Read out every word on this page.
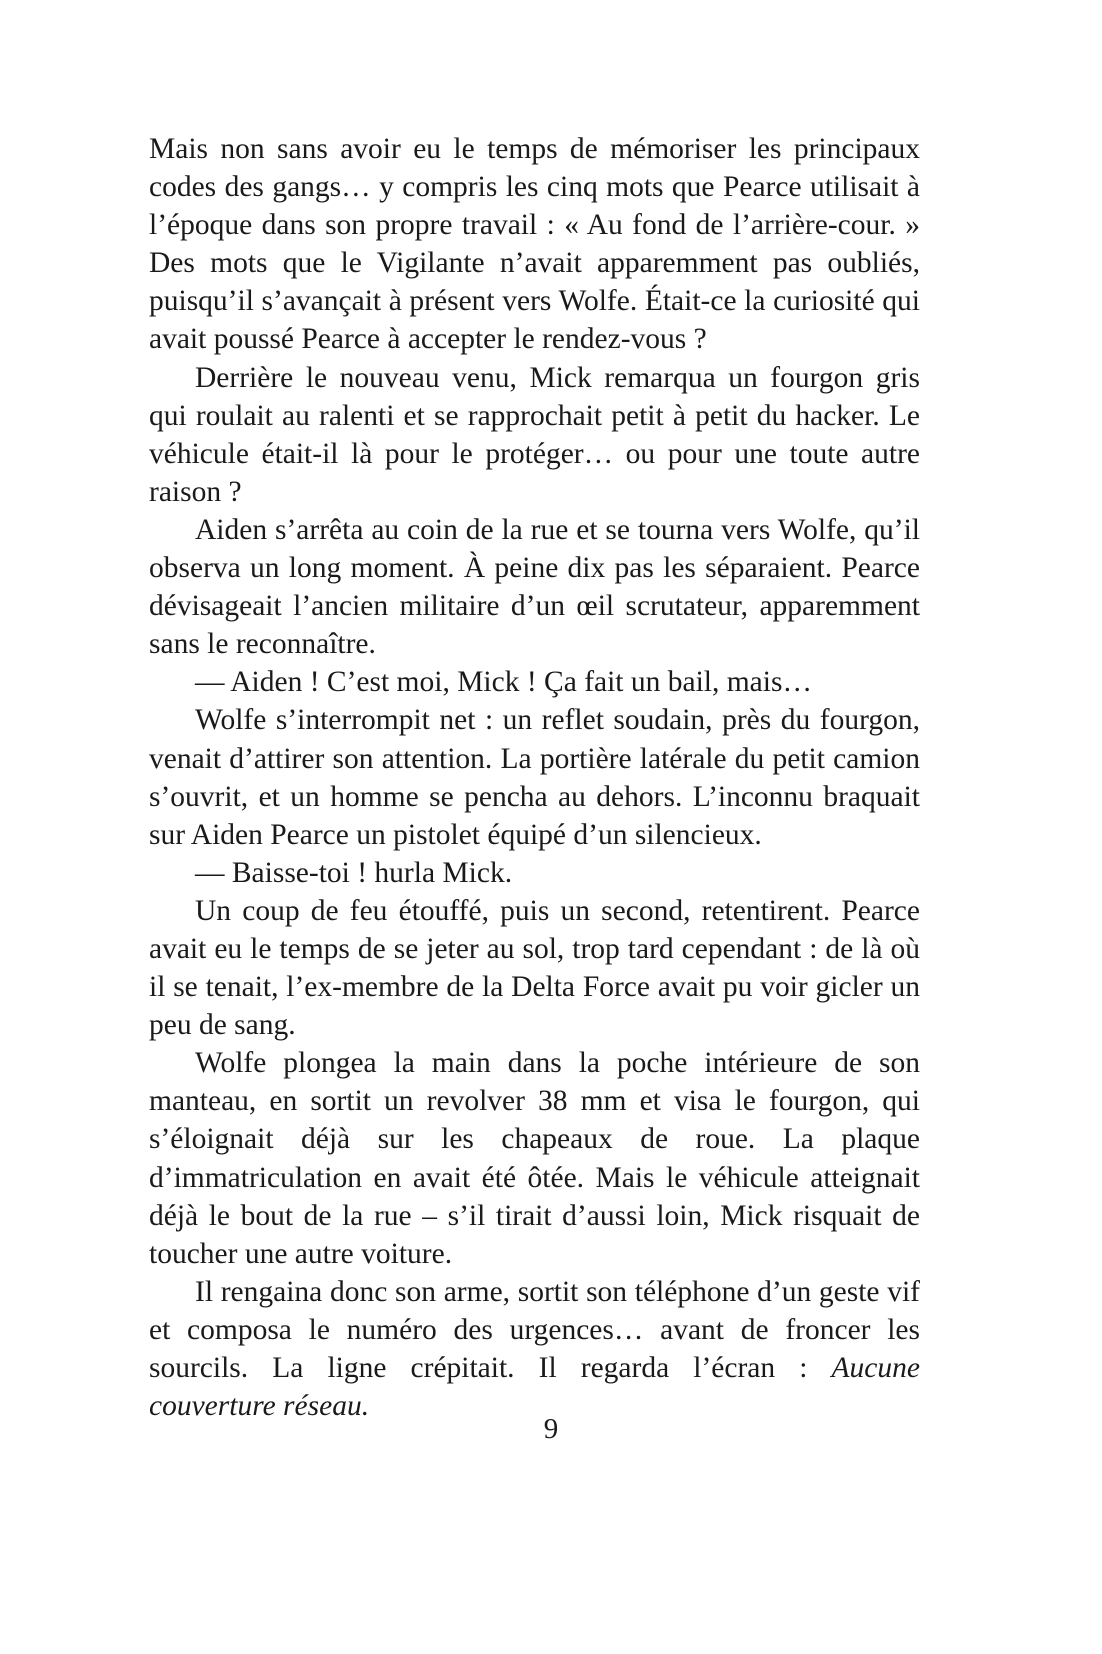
Mais non sans avoir eu le temps de mémoriser les principaux codes des gangs… y compris les cinq mots que Pearce utilisait à l’époque dans son propre travail : « Au fond de l’arrière-cour. » Des mots que le Vigilante n’avait apparemment pas oubliés, puisqu’il s’avançait à présent vers Wolfe. Était-ce la curiosité qui avait poussé Pearce à accepter le rendez-vous ?

Derrière le nouveau venu, Mick remarqua un fourgon gris qui roulait au ralenti et se rapprochait petit à petit du hacker. Le véhicule était-il là pour le protéger… ou pour une toute autre raison ?

Aiden s’arrêta au coin de la rue et se tourna vers Wolfe, qu’il observa un long moment. À peine dix pas les séparaient. Pearce dévisageait l’ancien militaire d’un œil scrutateur, apparemment sans le reconnaître.

— Aiden ! C’est moi, Mick ! Ça fait un bail, mais…

Wolfe s’interrompit net : un reflet soudain, près du fourgon, venait d’attirer son attention. La portière latérale du petit camion s’ouvrit, et un homme se pencha au dehors. L’inconnu braquait sur Aiden Pearce un pistolet équipé d’un silencieux.

— Baisse-toi ! hurla Mick.

Un coup de feu étouffé, puis un second, retentirent. Pearce avait eu le temps de se jeter au sol, trop tard cependant : de là où il se tenait, l’ex-membre de la Delta Force avait pu voir gicler un peu de sang.

Wolfe plongea la main dans la poche intérieure de son manteau, en sortit un revolver 38 mm et visa le fourgon, qui s’éloignait déjà sur les chapeaux de roue. La plaque d’immatriculation en avait été ôtée. Mais le véhicule atteignait déjà le bout de la rue – s’il tirait d’aussi loin, Mick risquait de toucher une autre voiture.

Il rengaina donc son arme, sortit son téléphone d’un geste vif et composa le numéro des urgences… avant de froncer les sourcils. La ligne crépitait. Il regarda l’écran : Aucune couverture réseau.

9
